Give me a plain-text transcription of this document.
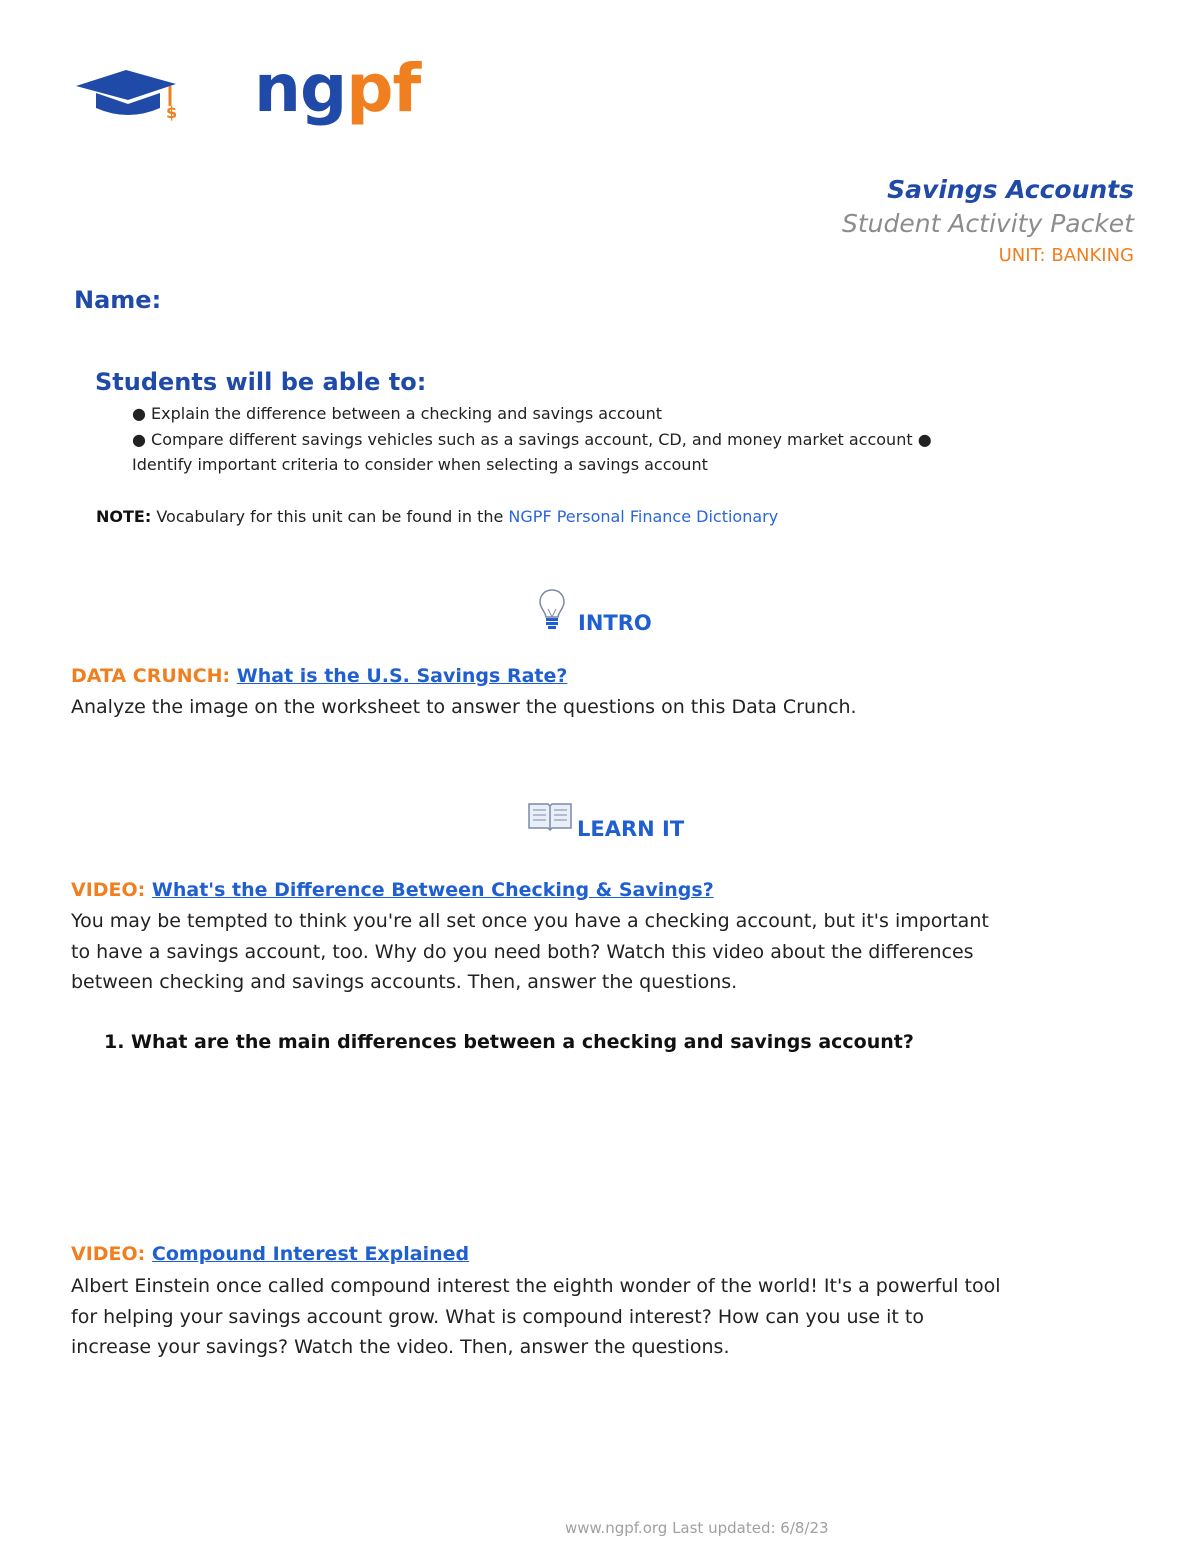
$ ngpf
Savings Accounts
Student Activity Packet
UNIT: BANKING
Name:
Students will be able to:
● Explain the difference between a checking and savings account
● Compare different savings vehicles such as a savings account, CD, and money market account ●
Identify important criteria to consider when selecting a savings account
NOTE: Vocabulary for this unit can be found in the NGPF Personal Finance Dictionary
INTRO
DATA CRUNCH: What is the U.S. Savings Rate?
Analyze the image on the worksheet to answer the questions on this Data Crunch.
LEARN IT
VIDEO: What's the Difference Between Checking & Savings?
You may be tempted to think you're all set once you have a checking account, but it's important
to have a savings account, too. Why do you need both? Watch this video about the differences
between checking and savings accounts. Then, answer the questions.
1. What are the main differences between a checking and savings account?
VIDEO: Compound Interest Explained
Albert Einstein once called compound interest the eighth wonder of the world! It's a powerful tool
for helping your savings account grow. What is compound interest? How can you use it to
increase your savings? Watch the video. Then, answer the questions.
www.ngpf.org Last updated: 6/8/23
